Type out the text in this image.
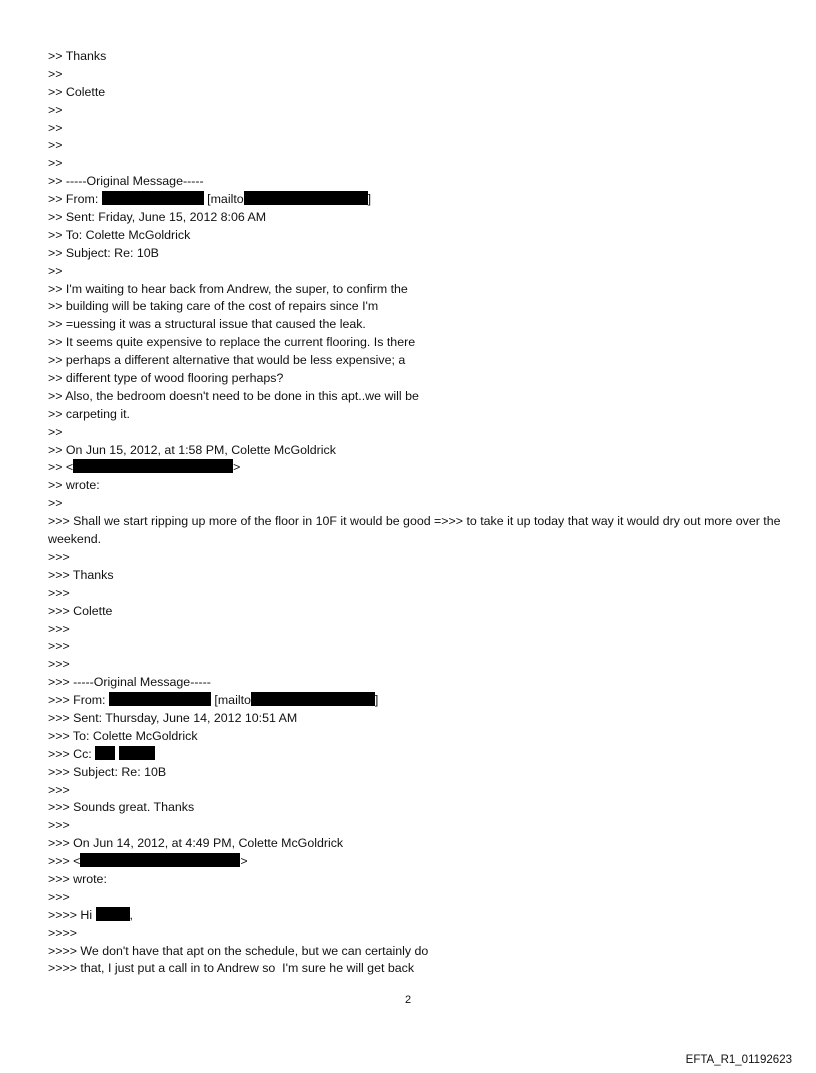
>> Thanks
>>
>> Colette
>>
>>
>>
>>
>> -----Original Message-----
>> From:	[mailto	]
>> Sent: Friday, June 15, 2012 8:06 AM
>> To: Colette McGoldrick
>> Subject: Re: 10B
>>
>> I'm waiting to hear back from Andrew, the super, to confirm the
>> building will be taking care of the cost of repairs since I'm
>> =uessing it was a structural issue that caused the leak.
>> It seems quite expensive to replace the current flooring. Is there
>> perhaps a different alternative that would be less expensive; a
>> different type of wood flooring perhaps?
>> Also, the bedroom doesn't need to be done in this apt..we will be
>> carpeting it.
>>
>> On Jun 15, 2012, at 1:58 PM, Colette McGoldrick
>> <	>
>> wrote:
>>
>>> Shall we start ripping up more of the floor in 10F it would be good =>>> to take it up today that way it would dry out more over the weekend.
>>>
>>> Thanks
>>>
>>> Colette
>>>
>>>
>>>
>>> -----Original Message-----
>>> From:	[mailto	]
>>> Sent: Thursday, June 14, 2012 10:51 AM
>>> To: Colette McGoldrick
>>> Cc:
>>> Subject: Re: 10B
>>>
>>> Sounds great. Thanks
>>>
>>> On Jun 14, 2012, at 4:49 PM, Colette McGoldrick
>>> <	>
>>> wrote:
>>>
>>>> Hi	,
>>>>
>>>> We don't have that apt on the schedule, but we can certainly do
>>>> that, I just put a call in to Andrew so  I'm sure he will get back
2
EFTA_R1_01192623
